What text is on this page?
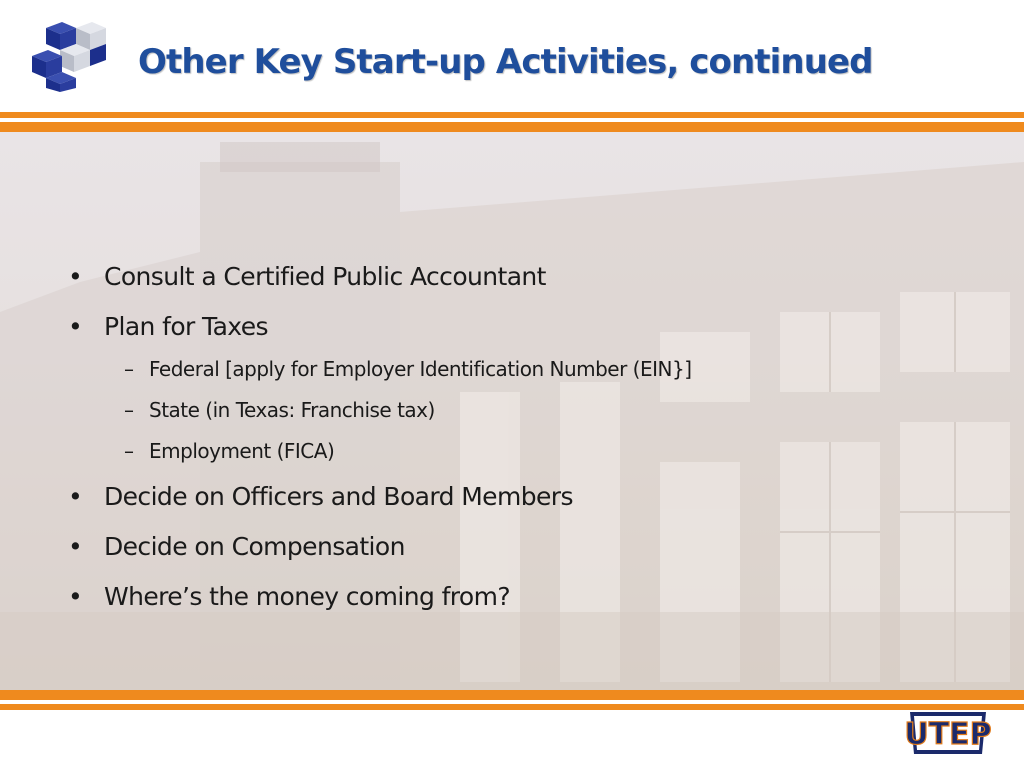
Other Key Start-up Activities, continued
• Consult a Certified Public Accountant
• Plan for Taxes
– Federal [apply for Employer Identification Number (EIN}]
– State (in Texas: Franchise tax)
– Employment (FICA)
• Decide on Officers and Board Members
• Decide on Compensation
• Where’s the money coming from?
UTEP
